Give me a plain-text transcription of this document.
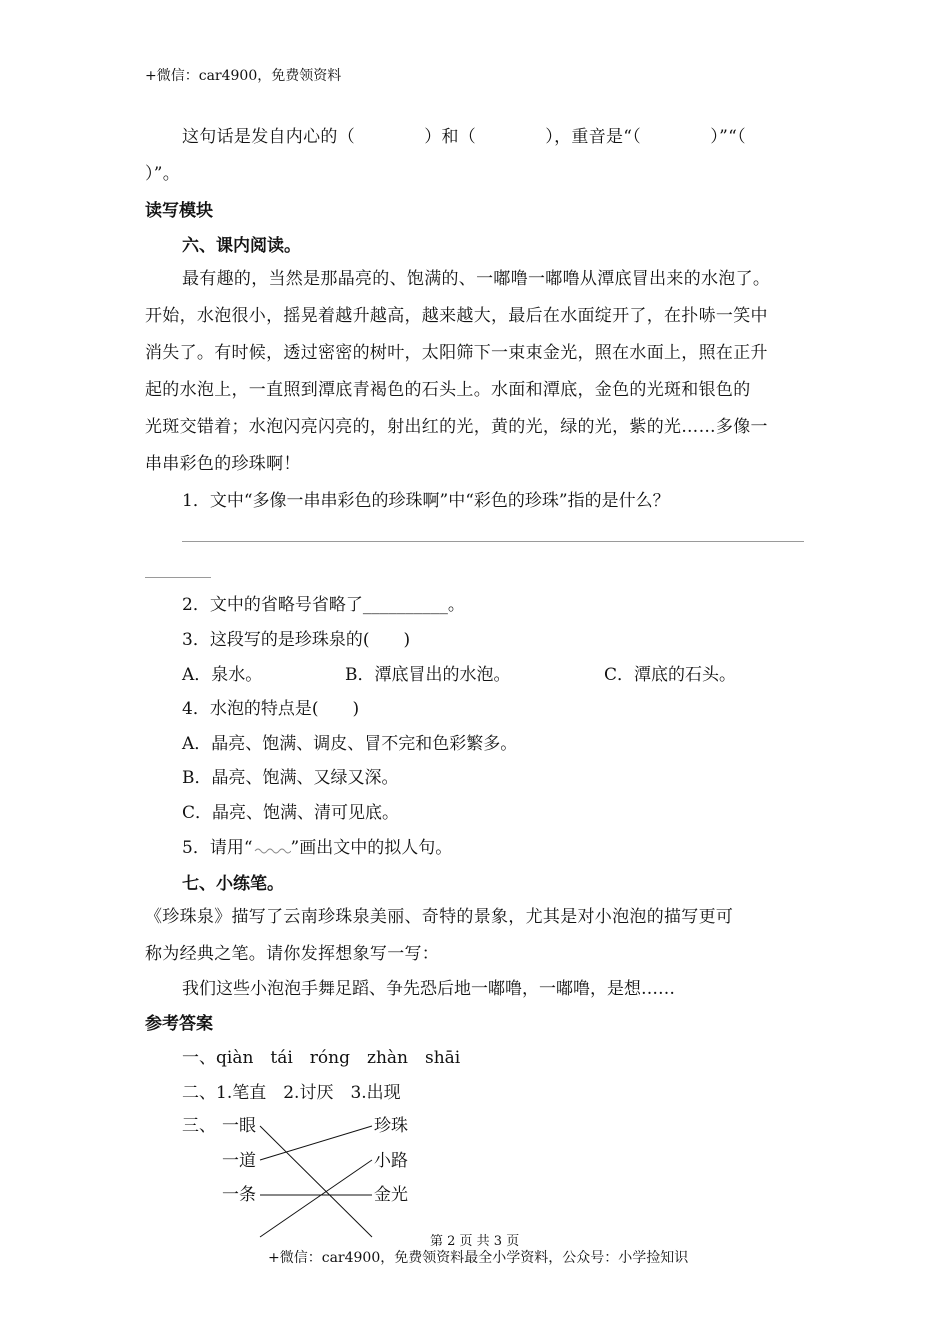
+微信：car4900，免费领资料
这句话是发自内心的（　　　　）和（　　　　），重音是“（　　　　）”“（
）”。
读写模块
六、课内阅读。
最有趣的，当然是那晶亮的、饱满的、一嘟噜一嘟噜从潭底冒出来的水泡了。
开始，水泡很小，摇晃着越升越高，越来越大，最后在水面绽开了，在扑哧一笑中
消失了。有时候，透过密密的树叶，太阳筛下一束束金光，照在水面上，照在正升
起的水泡上，一直照到潭底青褐色的石头上。水面和潭底，金色的光斑和银色的
光斑交错着；水泡闪亮闪亮的，射出红的光，黄的光，绿的光，紫的光……多像一
串串彩色的珍珠啊！
1．文中“多像一串串彩色的珍珠啊”中“彩色的珍珠”指的是什么？
2．文中的省略号省略了__________。
3．这段写的是珍珠泉的(　　)
A．泉水。	B．潭底冒出的水泡。	C．潭底的石头。
4．水泡的特点是(　　)
A．晶亮、饱满、调皮、冒不完和色彩繁多。
B．晶亮、饱满、又绿又深。
C．晶亮、饱满、清可见底。
5．请用“ ”画出文中的拟人句。
七、小练笔。
《珍珠泉》描写了云南珍珠泉美丽、奇特的景象，尤其是对小泡泡的描写更可
称为经典之笔。请你发挥想象写一写：
我们这些小泡泡手舞足蹈、争先恐后地一嘟噜，一嘟噜，是想……
参考答案
一、qiàn　tái　róng　zhàn　shāi
二、1.笔直　2.讨厌　3.出现
三、 一眼
一道
一条
珍珠
小路
金光
第 2 页 共 3 页
+微信：car4900，免费领资料最全小学资料，公众号：小学捡知识
